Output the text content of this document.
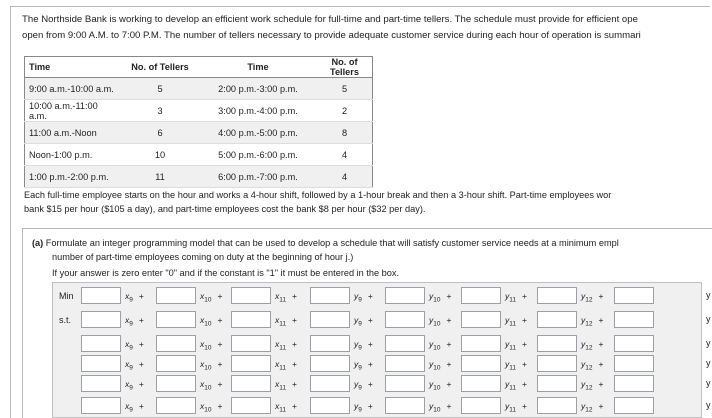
The Northside Bank is working to develop an efficient work schedule for full-time and part-time tellers. The schedule must provide for efficient ope
open from 9:00 A.M. to 7:00 P.M. The number of tellers necessary to provide adequate customer service during each hour of operation is summari
Time	No. of Tellers	Time	No. of Tellers
9:00 a.m.-10:00 a.m.	5	2:00 p.m.-3:00 p.m.	5
10:00 a.m.-11:00 a.m.	3	3:00 p.m.-4:00 p.m.	2
11:00 a.m.-Noon	6	4:00 p.m.-5:00 p.m.	8
Noon-1:00 p.m.	10	5:00 p.m.-6:00 p.m.	4
1:00 p.m.-2:00 p.m.	11	6:00 p.m.-7:00 p.m.	4
Each full-time employee starts on the hour and works a 4-hour shift, followed by a 1-hour break and then a 3-hour shift. Part-time employees wor
bank $15 per hour ($105 a day), and part-time employees cost the bank $8 per hour ($32 per day).
(a) Formulate an integer programming model that can be used to develop a schedule that will satisfy customer service needs at a minimum empl
number of part-time employees coming on duty at the beginning of hour j.)
If your answer is zero enter "0" and if the constant is "1" it must be entered in the box.
Min	$x_9$ +	$x_{10}$ +	$x_{11}$ +	$y_9$ +	$y_{10}$ +	$y_{11}$ +	$y_{12}$ +	y
s.t.	$x_9$ +	$x_{10}$ +	$x_{11}$ +	$y_9$ +	$y_{10}$ +	$y_{11}$ +	$y_{12}$ +	y
$x_9$ +	$x_{10}$ +	$x_{11}$ +	$y_9$ +	$y_{10}$ +	$y_{11}$ +	$y_{12}$ +	y
$x_9$ +	$x_{10}$ +	$x_{11}$ +	$y_9$ +	$y_{10}$ +	$y_{11}$ +	$y_{12}$ +	y
$x_9$ +	$x_{10}$ +	$x_{11}$ +	$y_9$ +	$y_{10}$ +	$y_{11}$ +	$y_{12}$ +	y
$x_9$ +	$x_{10}$ +	$x_{11}$ +	$y_9$ +	$y_{10}$ +	$y_{11}$ +	$y_{12}$ +	y
